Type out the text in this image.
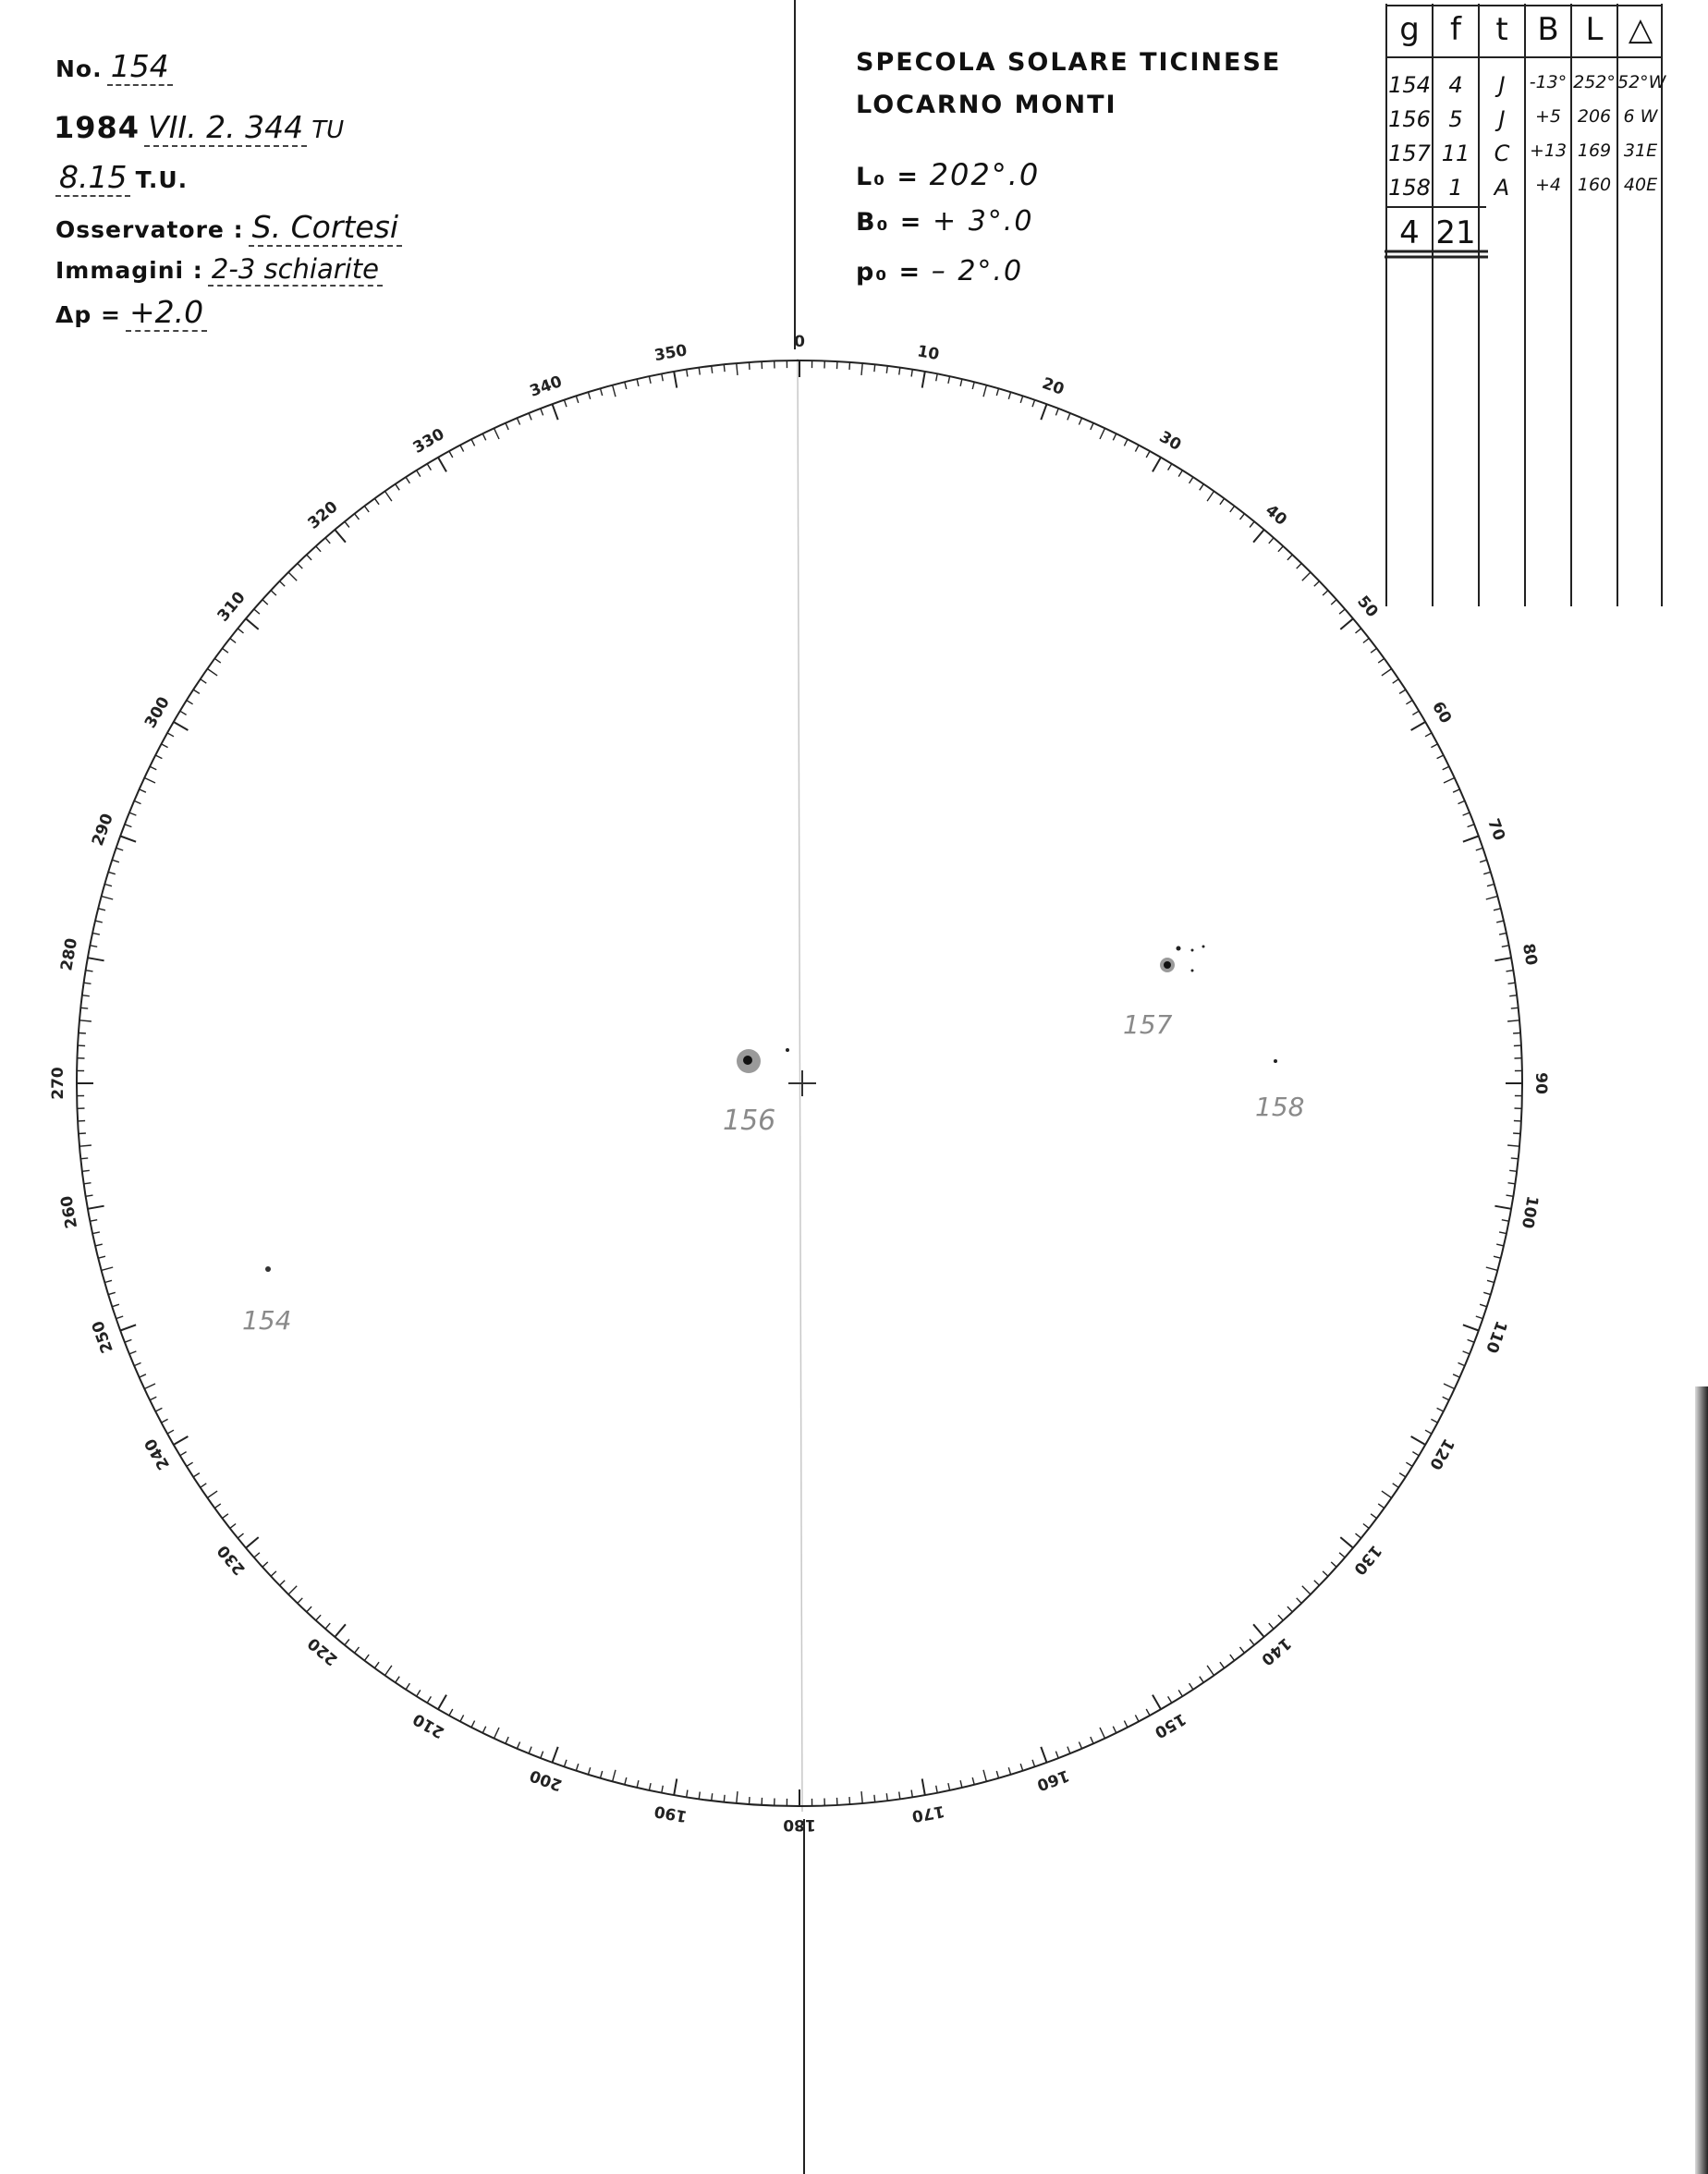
No. 154
1984 VII. 2. 344 TU
8.15 T.U.
Osservatore : S. Cortesi
Immagini : 2-3 schiarite
Δp = +2.0
SPECOLA SOLARE TICINESE
LOCARNO MONTI
L₀ = 202°.0
B₀ = + 3°.0
p₀ = – 2°.0
g f	t B L △
154 4	J	-13° 252° 52°W
156 5	J	+5 206 6 W
157 11	C	+13 169 31E
158 1	A	+4 160 40E
4 21
0
10
20
30
40
50
60
70
80
90
100
110
120
130
140
150
160
170
180
190
200
210
220
230
240
250
260
270
280
290
300
310
320
330
340
350
154
156
157
158
